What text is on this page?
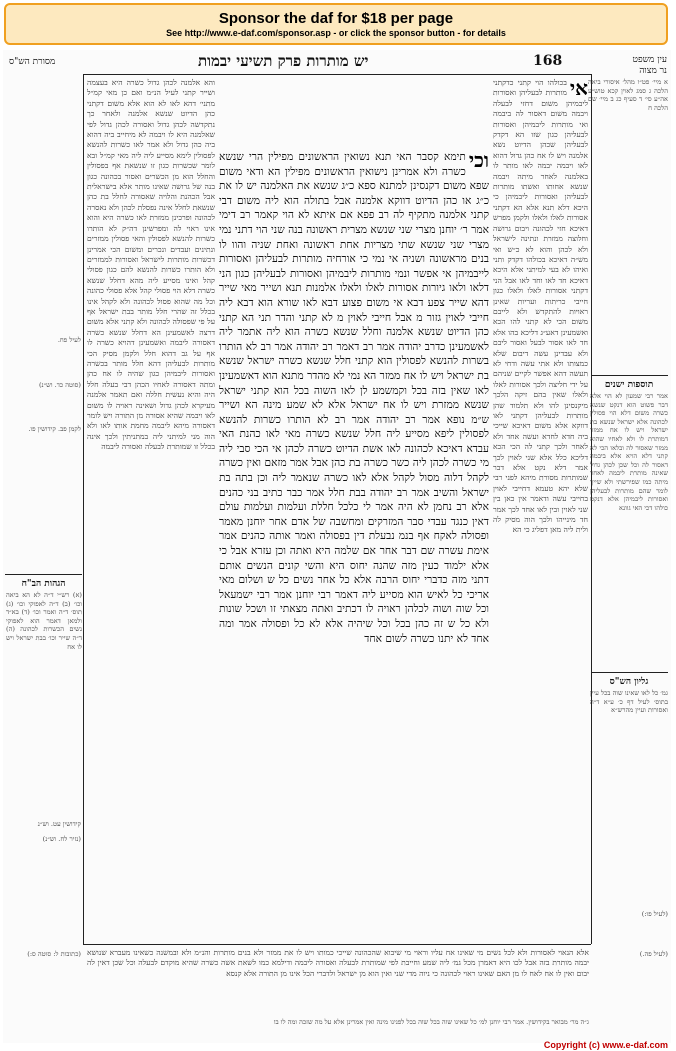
Sponsor the daf for $18 per page
See http://www.e-daf.com/sponsor.asp - or click the sponsor button - for details
עין משפט
נר מצוה
168
יש מותרות פרק תשיעי יבמות
מסורת הש"ס
א מיי׳ פט״ו מהל׳ איסורי ביאה הלכה ג סמג לאוין קכא טוש״ע אה״ע סי׳ ד סעיף כג ב מיי׳ שם הלכה ח
תוספות ישנים
אמר רבי שמעון לא הוי אלא דבר פשוט הוא דנקט שנשא כשרה משום דלא הוי פסולין לכהונה אלא ישראל שנשא בת ישראל ויש לו אח ממזר דמותרת לו ולא לאחיו שהוא ממזר שאסור לה ובלאו הכי לא קתני דלא הויא אלא ביבמה דאסור לה וכל שכן לכהן גדול שאינה מותרת ליבמה לאחר מיתה כמו שפירשתי ולא שייך לומר שהם מותרות לבעליהן ואסורות ליבמיהן אלא דנקט כולהו דכי האי גוונא
גליון הש"ס
גמ׳ כל לאו שאינו שוה בכל עיין בתוס׳ לעיל דף כ׳ ע״א ד״ה ואסורות ועיין מהרש״א
לעיל פח.
(סוטה כד. וש״נ)
לקמן פב. קידושין פו.
הגהות הב"ח
(א) רש״י ד״ה לא הא ביאה וכו׳ (ב) ד״ה לאפוקי וכו׳ (ג) תוס׳ ד״ה ואמר וכו׳ (ד) בא״ד ולמאן דאמר הוא לאפוקי נשים הכשרות לכהונה (ה) ד״ה שייר וכו׳ בבת ישראל ויש לו אח
קידושין עט. וש״נ
(נזיר לח. וש״נ)
(לעיל פו:)
אי
בכולהו הוי קתני כדקתני מותרות לבעליהן ואסורות ליבמיהן משום דחזי לבעלה ויבמה משום דאסור לה ביבמה ואי מותרות ליבמיהן ואסורות לבעליהן כגון שזו הא דקדק לבעליהן שכהן הדיוט נשא אלמנה ויש לו אח כהן גדול דהוא לאו ויבמה יבמה לאו מותר לו באלמנה לאחר מיתה ויבמה שנשא אחותו ואשתו מותרות לבעליהן ואסורות ליבמיהן כי היכא דלא תנא אלא הא דקתני אסורות לאלו ולאלו ולקמן מפרש דאיכא חזי לכהונה ויבום גרושה וחלוצה ממזרת ונתינה לישראל ולא לכהן והוא לא כ״ש ואי מש״ה דאיכא בכולהו דקדק ותני ואיהו לא בעי למיתני אלא היכא דאיכא חד לאו וחד לאו אבל הני דקתני אסורות לאלו ולאלו כגון חייבי כריתות ועריות שאינן ראויות להתקדש ולא לייבם משום הכי לא קתני להו הכא ואשמעינן דאע״ג דליכא בהו אלא חד לאו אסור לבעל ואסור ליבם ולא עבדינן עשה דיבום שלא כמצותו ולא אתי עשה ודחי לא תעשה דהא אפשר לקיים שניהם על ידי חליצה ולכך אסורות לאלו ולאלו שאין בהם זיקה הלכך מיקנסינן להו ולא תלמוד שהן מותרות לבעליהן דקתני לאו דווקא אלא משום דאיכא שייכי ביה חדא לחדא ועשה אחד ולא לאחר ולכך קתני לה הכי הכא דליכא כלל אלא שני לאוין לכך אמר דלא נקט אלא דבר שמותרות מסורת מיהא לפני רבי שלא יהא טעמא דחייבי לאוין בחייבי עשה ודאמר אין כאן בין שני לאוין ובין לאו אחד לכך אמר חד מינייהו ולכך הוה מסיק לה ולית ליה מאן דפליג כי הא
והא אלמנה לכהן גדול כשרה היא בעצמה ושייר קתני לעיל הנ״מ ואם כן מאי קמ״ל מתני׳ דהא לאו לא הוא אלא משום דקתני כהן הדיוט שנשא אלמנה ולאחר כך נתקדשה לכהן גדול ואסורה לכהן גדול לפי שאלמנה היא לו ויבמה לא מיחייב ביה דהוא ביה כהן גדול ולא אמר לאו כשרות להנשא לפסולין לימא מסייע ליה ליה מאי קמ״ל ובא לומר שכשרות כגון זו שנשאת אף בפסולין והחלל הוא מן הכשרים ואסור בכהונה כגון בנה של גרושה שאינו מותר אלא בישראלית אבל הכהנת והלויה שאסורה לחלל בת כהן שנשאת לחלל אינה נפסלת לכהן ולא נאסרה לכהונה ופרכינן ממזרת לאו כשרה היא והוא אינו ראוי לה ומפרשינן דה״ק לא הותרו כשרות להנשא לפסולין והאי פסולין ממזרים ונתינים ועבדים ונכרים ומשום הכי אמרינן דכשרות מותרות לישראל ואסורות לממזרים ולא הותרו כשרות להנשא להם כגון פסולי קהל ואינו מסייע ליה מהא דחלל שנשא כשרה דלא הוי פסולי קהל אלא פסולי כהונה וכל מה שהוא פסול לכהונה ולא לקהל אינו בכלל זה שהרי חלל מותר בבת ישראל אף על פי שפסולה לכהונה ולא קתני אלא משום דרצה לאשמעינן הא דחלל שנשא כשרה דאסורה ליבמה ואשמעינן דהויא כשרה לו אף על גב דהוא חלל ולקמן מסיק הכי מותרות לבעליהן דהא חלל מותר בכשרה ואסורות ליבמיהן כגון שהיה לו אח כהן ומתה דאסורה לאחיו הכהן דבי בעלה חלל היה והיא נעשית חללה ואם תאמר אלמנה מעיקרא לכהן גדול ושאינה ראויה לו משום לאו ויבמה שהיא אסורה מן התורה ויש לומר דאסורה מיהא ליבמה מחמת אותו לאו ולא הוה מני למיתני ליה במתניתין ולכך אינה בכלל זו שמותרת לבעלה ואסורה ליבמה
וכי
תימא קסבר האי תנא נשואין הראשונים מפילין הרי שנשא כשרה ולא אמרינן נישואין הראשונים מפילין הא ודאי משום שפא משום דקנסינן למתנא ספא כ״ג שנשא את האלמנה יש לו את כ״ג או כהן הדיוט דווקא אלמנה אבל בתולה הוא ליה משום דבי קתני אלמנה מתקיף לה רב פפא אם איתא לא הוי קאמר רב דימי אמר ר׳ יוחנן מצרי שני שנשא מצרית ראשונה בנה שני הוי דתני נמי מצרי שני שנשא שתי מצריות אחת ראשונה ואחת שניה והוו לו בנים מראשונה ושניה אי נמי כי אורחיה מותרות לבעליהן ואסורות לייבמיהן אי אפשר ונמי מותרות ליבמיהן ואסורות לבעליהן כגון הני דלאו ולאו גיורות אסורות לאלו ולאלו אלמנות תנא ושייר מאי שייר דהא שייר צפע דבא אי משום פצוע דבא לאו שורא הוא דבא ליה חייבי לאוין גזור מ אבל חייבי לאוין מ לא קתני והדר תני הא קתני כהן הדיוט שנשא אלמנה וחלל שנשא כשרה הוא ליה אתמר ליה לאשמעינן כדרב יהודה אמר רב דאמר רב יהודה אמר רב לא הותרו בשרות להנשא לפסולין הוא קתני חלל שנשא כשרה ישראל שנשא בת ישראל ויש לו אח ממזר הא נמי לא מהדר מתנא הוא דאשמעינן לאו שאין בזה בכל וקמשמע לן לאו השוה בכל הוא קתני ישראל שנשא ממזרת ויש לו אח ישראל אלא לא שמע מינה הא ושייר ש״מ נופא אמר רב יהודה אמר רב לא הותרו כשרות להנשא לפסולין ליפא מסייע ליה חלל שנשא כשרה מאי לאו כהנת האי עבדא דאיכא לכהונה לאו אשת הדיוט כשרה לכהן אי הכי סבי ליה מי כשרה לכהן ליה כשר כשרה בת כהן אבל אמר מזאם ואין כשרה לקהל דלוה מסול לקהל אלא לאו כשרה שנאמר ליה וכן בתה בת ישראל והשיב אמר רב יהודה בבת חלל אמר כבר כתיב בני כהנים אלא רב נחמן לא היה אמר לי כלכל חללת ועלמות ועלמות עולם דאין כנגד עבדי סבר המזרקים ומחשבה של אדם אחר יוחנן מאמר ופסולה לאקח אף בנמ נבעלת דין בפסולה ואמר אותה כהנים אמר אימת עשרה שם דבר אחר אם שלמה היא ואתה וכן עזרא אבל כי אלא ילמוד כעין מזה שהנה יחוס היא והשי קונים הנשים אותם דתני מזה כדברי יחוס הרבה אלא כל אחר נשים כל ש ושלום מאי אריכי כל לאיש הוא מסייע ליה דאמר רבי יוחנן אמר רבי ישמעאל וכל שוה ושוה לכלהן ראויה לו דכתיב ואתה מצאתי זו ושכל שונות ולא כל ש זה כהן בכל וכל שיהיה אלא לא כל ופסולה אמר ומה אחד לא יתנו כשרה לשום אחד
אלא הנאוי לאסורות ולא לכל נשים מי שאינו אח עליו וראוי מי שיבוא שהכהונה שייכי כמותו ויש לו את ממזר ולא בנים מותרות והנ״מ ולא ובמשנה כשאינו מעברא שנושא יבמה מותרת בזה אבל לכו היא דאמרן מכל גמ׳ ליה שמע וחייבת לפי שמותרת לבעלה ואסורה ליבמה ודילמא כמו לשאת אשה כשרה שהיא מוקדם לבעלה וכל שכן דאין לה יבום ואין לו אח לאח לו מן האם שאינו ראוי לכהונה כי ניוה מדי שני ואין הוא מן ישראל ולדברי הכל אינו מן התורה אלא קנסא
(כתובות ל: סוטה ס:)	(לעיל פה.)
ג״ה מר׳ מבואר בקידושין. אמר רבי יוחנן למ׳ כל שאינו שוה בכל שוה בכל לפנינו מינה ואין אמרינן אלא על מה שזכה ומה לו בו
Copyright (c) www.e-daf.com
